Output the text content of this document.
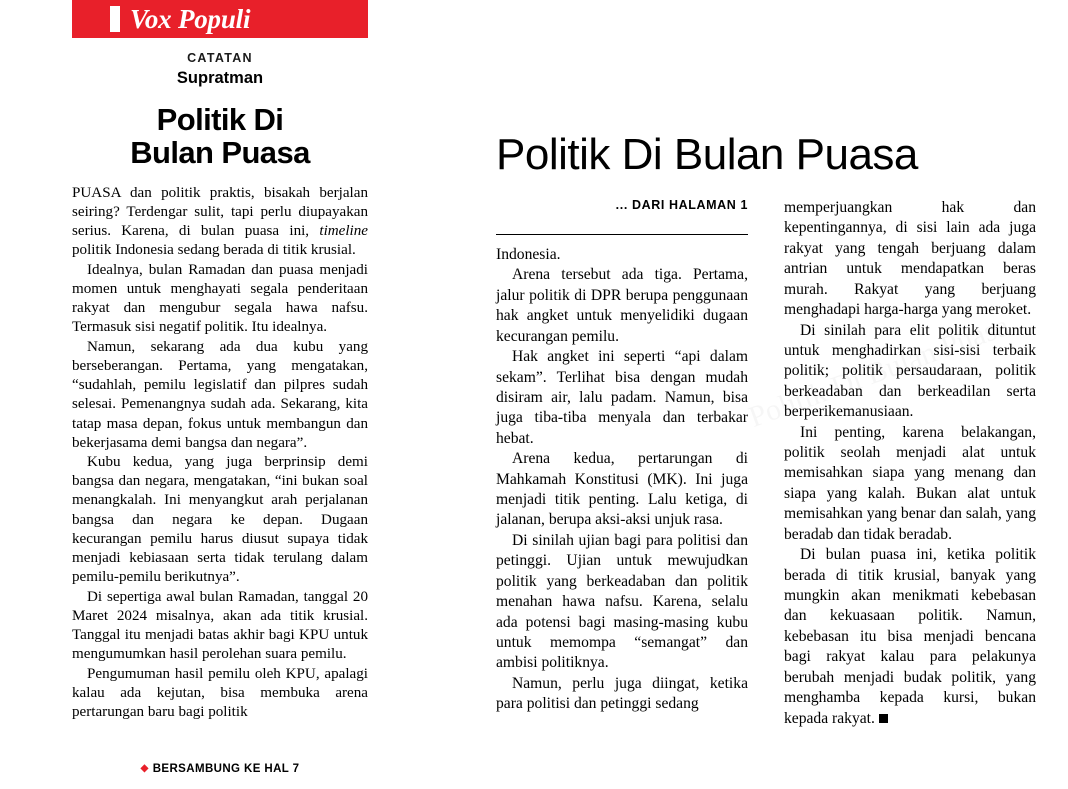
Vox Populi
CATATAN
Supratman
Politik Di
Bulan Puasa

PUASA dan politik praktis, bisakah berjalan seiring? Terdengar sulit, tapi perlu diupayakan serius. Karena, di bulan puasa ini, timeline politik Indonesia sedang berada di titik krusial.

Idealnya, bulan Ramadan dan puasa menjadi momen untuk menghayati segala penderitaan rakyat dan mengubur segala hawa nafsu. Termasuk sisi negatif politik. Itu idealnya.

Namun, sekarang ada dua kubu yang berseberangan. Pertama, yang mengatakan, “sudahlah, pemilu legislatif dan pilpres sudah selesai. Pemenangnya sudah ada. Sekarang, kita tatap masa depan, fokus untuk membangun dan bekerjasama demi bangsa dan negara”.

Kubu kedua, yang juga berprinsip demi bangsa dan negara, mengatakan, “ini bukan soal menangkalah. Ini menyangkut arah perjalanan bangsa dan negara ke depan. Dugaan kecurangan pemilu harus diusut supaya tidak menjadi kebiasaan serta tidak terulang dalam pemilu-pemilu berikutnya”.

Di sepertiga awal bulan Ramadan, tanggal 20 Maret 2024 misalnya, akan ada titik krusial. Tanggal itu menjadi batas akhir bagi KPU untuk mengumumkan hasil perolehan suara pemilu.

Pengumuman hasil pemilu oleh KPU, apalagi kalau ada kejutan, bisa membuka arena pertarungan baru bagi politik

◆ BERSAMBUNG KE HAL 7
Politik Di Bulan Puasa
... DARI HALAMAN 1

Indonesia.

Arena tersebut ada tiga. Pertama, jalur politik di DPR berupa penggunaan hak angket untuk menyelidiki dugaan kecurangan pemilu.

Hak angket ini seperti “api dalam sekam”. Terlihat bisa dengan mudah disiram air, lalu padam. Namun, bisa juga tiba-tiba menyala dan terbakar hebat.

Arena kedua, pertarungan di Mahkamah Konstitusi (MK). Ini juga menjadi titik penting. Lalu ketiga, di jalanan, berupa aksi-aksi unjuk rasa.

Di sinilah ujian bagi para politisi dan petinggi. Ujian untuk mewujudkan politik yang berkeadaban dan politik menahan hawa nafsu. Karena, selalu ada potensi bagi masing-masing kubu untuk memompa “semangat” dan ambisi politiknya.

Namun, perlu juga diingat, ketika para politisi dan petinggi sedang

memperjuangkan hak dan kepentingannya, di sisi lain ada juga rakyat yang tengah berjuang dalam antrian untuk mendapatkan beras murah. Rakyat yang berjuang menghadapi harga-harga yang meroket.

Di sinilah para elit politik dituntut untuk menghadirkan sisi-sisi terbaik politik; politik persaudaraan, politik berkeadaban dan berkeadilan serta berperikemanusiaan.

Ini penting, karena belakangan, politik seolah menjadi alat untuk memisahkan siapa yang menang dan siapa yang kalah. Bukan alat untuk memisahkan yang benar dan salah, yang beradab dan tidak beradab.

Di bulan puasa ini, ketika politik berada di titik krusial, banyak yang mungkin akan menikmati kebebasan dan kekuasaan politik. Namun, kebebasan itu bisa menjadi bencana bagi rakyat kalau para pelakunya berubah menjadi budak politik, yang menghamba kepada kursi, bukan kepada rakyat.
